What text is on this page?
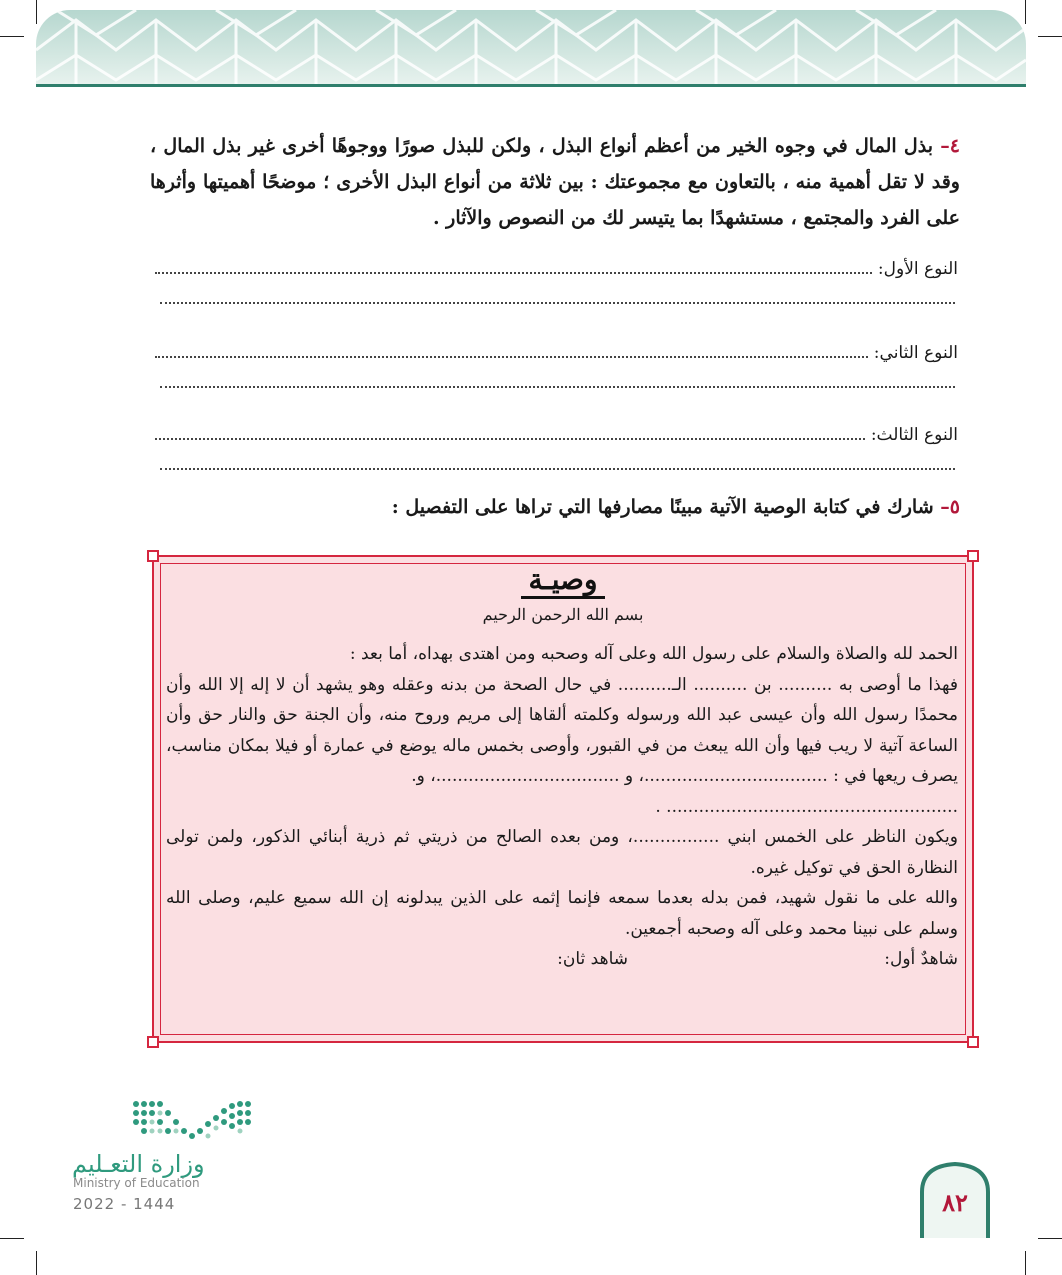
٤– بذل المال في وجوه الخير من أعظم أنواع البذل ، ولكن للبذل صورًا ووجوهًا أخرى غير بذل المال ، وقد لا تقل أهمية منه ، بالتعاون مع مجموعتك : بين ثلاثة من أنواع البذل الأخرى ؛ موضحًا أهميتها وأثرها على الفرد والمجتمع ، مستشهدًا بما يتيسر لك من النصوص والآثار .
النوع الأول:
النوع الثاني:
النوع الثالث:
٥– شارك في كتابة الوصية الآتية مبينًا مصارفها التي تراها على التفصيل :
وصيـة
بسم الله الرحمن الرحيم

الحمد لله والصلاة والسلام على رسول الله وعلى آله وصحبه ومن اهتدى بهداه، أما بعد :

فهذا ما أوصى به .......... بن .......... الـ.......... في حال الصحة من بدنه وعقله وهو يشهد أن لا إله إلا الله وأن محمدًا رسول الله وأن عيسى عبد الله ورسوله وكلمته ألقاها إلى مريم وروح منه، وأن الجنة حق والنار حق وأن الساعة آتية لا ريب فيها وأن الله يبعث من في القبور، وأوصى بخمس ماله يوضع في عمارة أو فيلا بمكان مناسب، يصرف ريعها في : ..................................، و ..................................، و.

...................................................... .

ويكون الناظر على الخمس ابني ................، ومن بعده الصالح من ذريتي ثم ذرية أبنائي الذكور، ولمن تولى النظارة الحق في توكيل غيره.

والله على ما نقول شهيد، فمن بدله بعدما سمعه فإنما إثمه على الذين يبدلونه إن الله سميع عليم، وصلى الله وسلم على نبينا محمد وعلى آله وصحبه أجمعين.

شاهدٌ أول:
شاهد ثان:
وزارة التعـليم
Ministry of Education
2022 - 1444	٨٢
